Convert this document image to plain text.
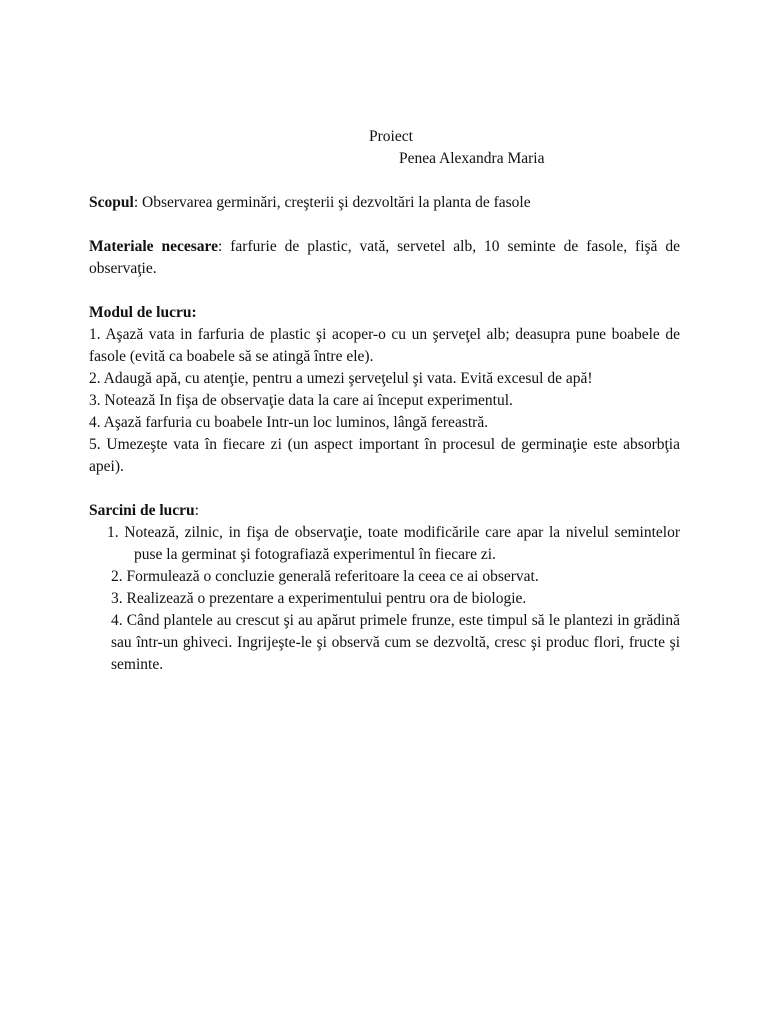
Proiect

Penea Alexandra Maria

Scopul: Observarea germinări, creşterii şi dezvoltări la planta de fasole

Materiale necesare: farfurie de plastic, vată, servetel alb, 10 seminte de fasole, fişă de observaţie.

Modul de lucru:

1. Aşază vata in farfuria de plastic şi acoper-o cu un şerveţel alb; deasupra pune boabele de fasole (evită ca boabele să se atingă între ele).

2. Adaugă apă, cu atenţie, pentru a umezi şerveţelul şi vata. Evită excesul de apă!

3. Notează In fişa de observaţie data la care ai început experimentul.

4. Aşază farfuria cu boabele Intr-un loc luminos, lângă fereastră.

5. Umezeşte vata în fiecare zi (un aspect important în procesul de germinaţie este absorbţia apei).

Sarcini de lucru:

1. Notează, zilnic, in fişa de observaţie, toate modificările care apar la nivelul semintelor puse la germinat şi fotografiază experimentul în fiecare zi.

2. Formulează o concluzie generală referitoare la ceea ce ai observat.

3. Realizează o prezentare a experimentului pentru ora de biologie.

4. Când plantele au crescut şi au apărut primele frunze, este timpul să le plantezi in grădină sau într-un ghiveci. Ingrijeşte-le şi observă cum se dezvoltă, cresc şi produc flori, fructe şi seminte.
